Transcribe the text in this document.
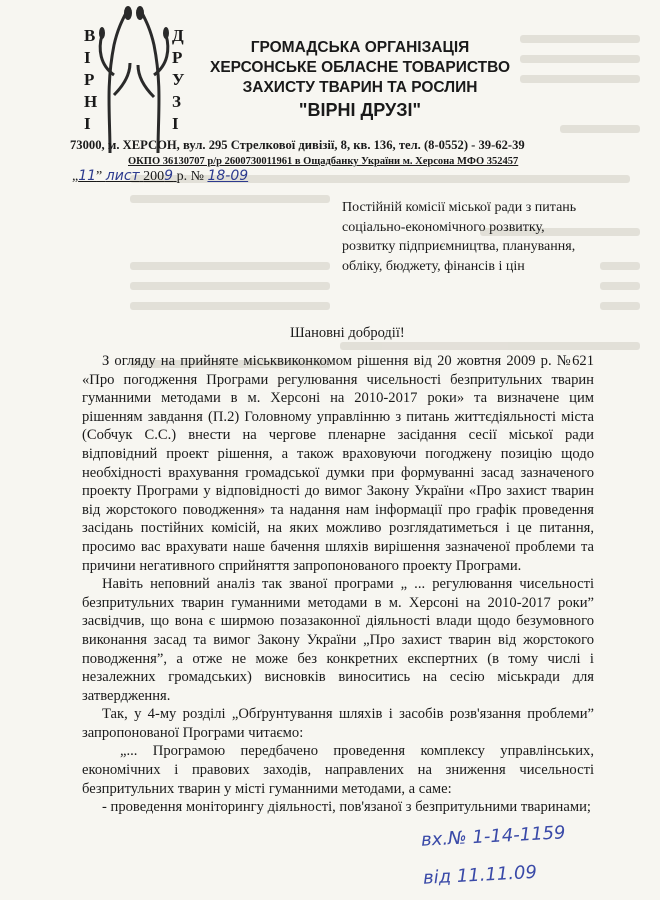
В
І
Р
Н
І
Д
Р
У
З
І
ГРОМАДСЬКА ОРГАНІЗАЦІЯ
ХЕРСОНСЬКЕ ОБЛАСНЕ ТОВАРИСТВО
ЗАХИСТУ ТВАРИН ТА РОСЛИН
"ВІРНІ ДРУЗІ"
73000, м. ХЕРСОН, вул. 295 Стрелкової дивізії, 8, кв. 136, тел. (8-0552) - 39-62-39
ОКПО 36130707 р/р 2600730011961 в Ощадбанку України м. Херсона МФО 352457
„11” лист 2009 р. № 18-09
Постійній комісії міської ради з питань соціально-економічного розвитку, розвитку підприємництва, планування, обліку, бюджету, фінансів і цін
Шановні добродії!

З огляду на прийняте міськвиконкомом рішення від 20 жовтня 2009 р. №621 «Про погодження Програми регулювання чисельності безпритульних тварин гуманними методами в м. Херсоні на 2010-2017 роки» та визначене цим рішенням завдання (П.2) Головному управлінню з питань життєдіяльності міста (Собчук С.С.) внести на чергове пленарне засідання сесії міської ради відповідний проект рішення, а також враховуючи погоджену позицію щодо необхідності врахування громадської думки при формуванні засад зазначеного проекту Програми у відповідності до вимог Закону України «Про захист тварин від жорстокого поводження» та надання нам інформації про графік проведення засідань постійних комісій, на яких можливо розглядатиметься і це питання, просимо вас врахувати наше бачення шляхів вирішення зазначеної проблеми та причини негативного сприйняття запропонованого проекту Програми.

Навіть неповний аналіз так званої програми „ ... регулювання чисельності безпритульних тварин гуманними методами в м. Херсоні на 2010-2017 роки” засвідчив, що вона є ширмою позазаконної діяльності влади щодо безумовного виконання засад та вимог Закону України „Про захист тварин від жорстокого поводження”, а отже не може без конкретних експертних (в тому числі і незалежних громадських) висновків виноситись на сесію міськради для затвердження.

Так, у 4-му розділі „Обґрунтування шляхів і засобів розв'язання проблеми” запропонованої Програми читаємо:

„... Програмою передбачено проведення комплексу управлінських, економічних і правових заходів, направлених на зниження чисельності безпритульних тварин у місті гуманними методами, а саме:

- проведення моніторингу діяльності, пов'язаної з безпритульними тваринами;

вх.№ 1-14-1159
від 11.11.09
